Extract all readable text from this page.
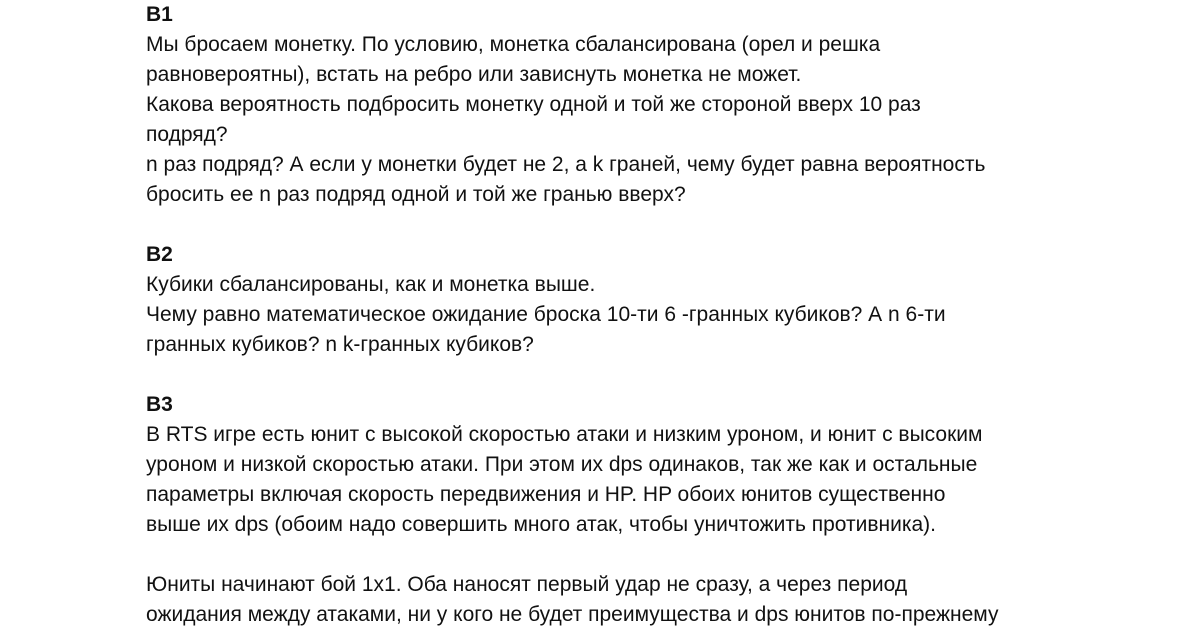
B1
Мы бросаем монетку. По условию, монетка сбалансирована (орел и решка
равновероятны), встать на ребро или зависнуть монетка не может.
Какова вероятность подбросить монетку одной и той же стороной вверх 10 раз
подряд?
n раз подряд? А если у монетки будет не 2, а k граней, чему будет равна вероятность
бросить ее n раз подряд одной и той же гранью вверх?
B2
Кубики сбалансированы, как и монетка выше.
Чему равно математическое ожидание броска 10-ти 6 -гранных кубиков? А n 6-ти
гранных кубиков? n k-гранных кубиков?
B3
В RTS игре есть юнит с высокой скоростью атаки и низким уроном, и юнит с высоким
уроном и низкой скоростью атаки. При этом их dps одинаков, так же как и остальные
параметры включая скорость передвижения и HP. HP обоих юнитов существенно
выше их dps (обоим надо совершить много атак, чтобы уничтожить противника).
Юниты начинают бой 1x1. Оба наносят первый удар не сразу, а через период
ожидания между атаками, ни у кого не будет преимущества и dps юнитов по-прежнему
